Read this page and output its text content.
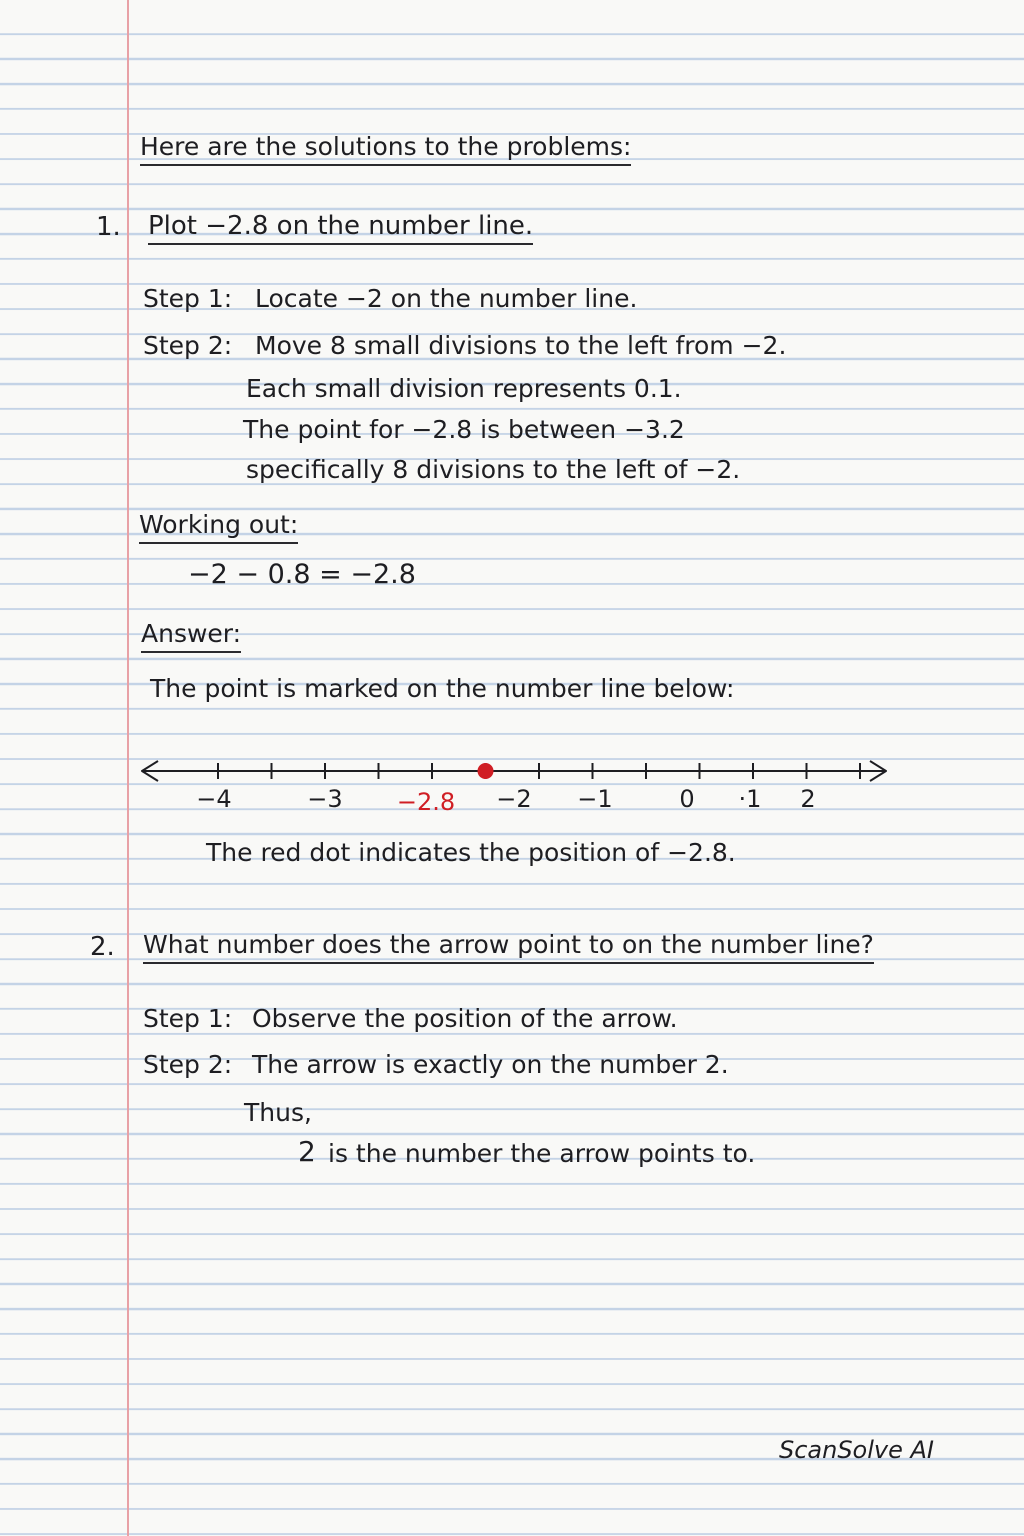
Here are the solutions to the problems:
1. Plot −2.8 on the number line.
Step 1: Locate −2 on the number line.
Step 2: Move 8 small divisions to the left from −2.
Each small division represents 0.1.
The point for −2.8 is between −3.2
specifically 8 divisions to the left of −2.
Working out:
−2 − 0.8 = −2.8
Answer:
The point is marked on the number line below:
−4	−3 −2.8 −2 −1	0 ·1 2
The red dot indicates the position of −2.8.
2. What number does the arrow point to on the number line?
Step 1: Observe the position of the arrow.
Step 2: The arrow is exactly on the number 2.
Thus,
2 is the number the arrow points to.
ScanSolve AI
